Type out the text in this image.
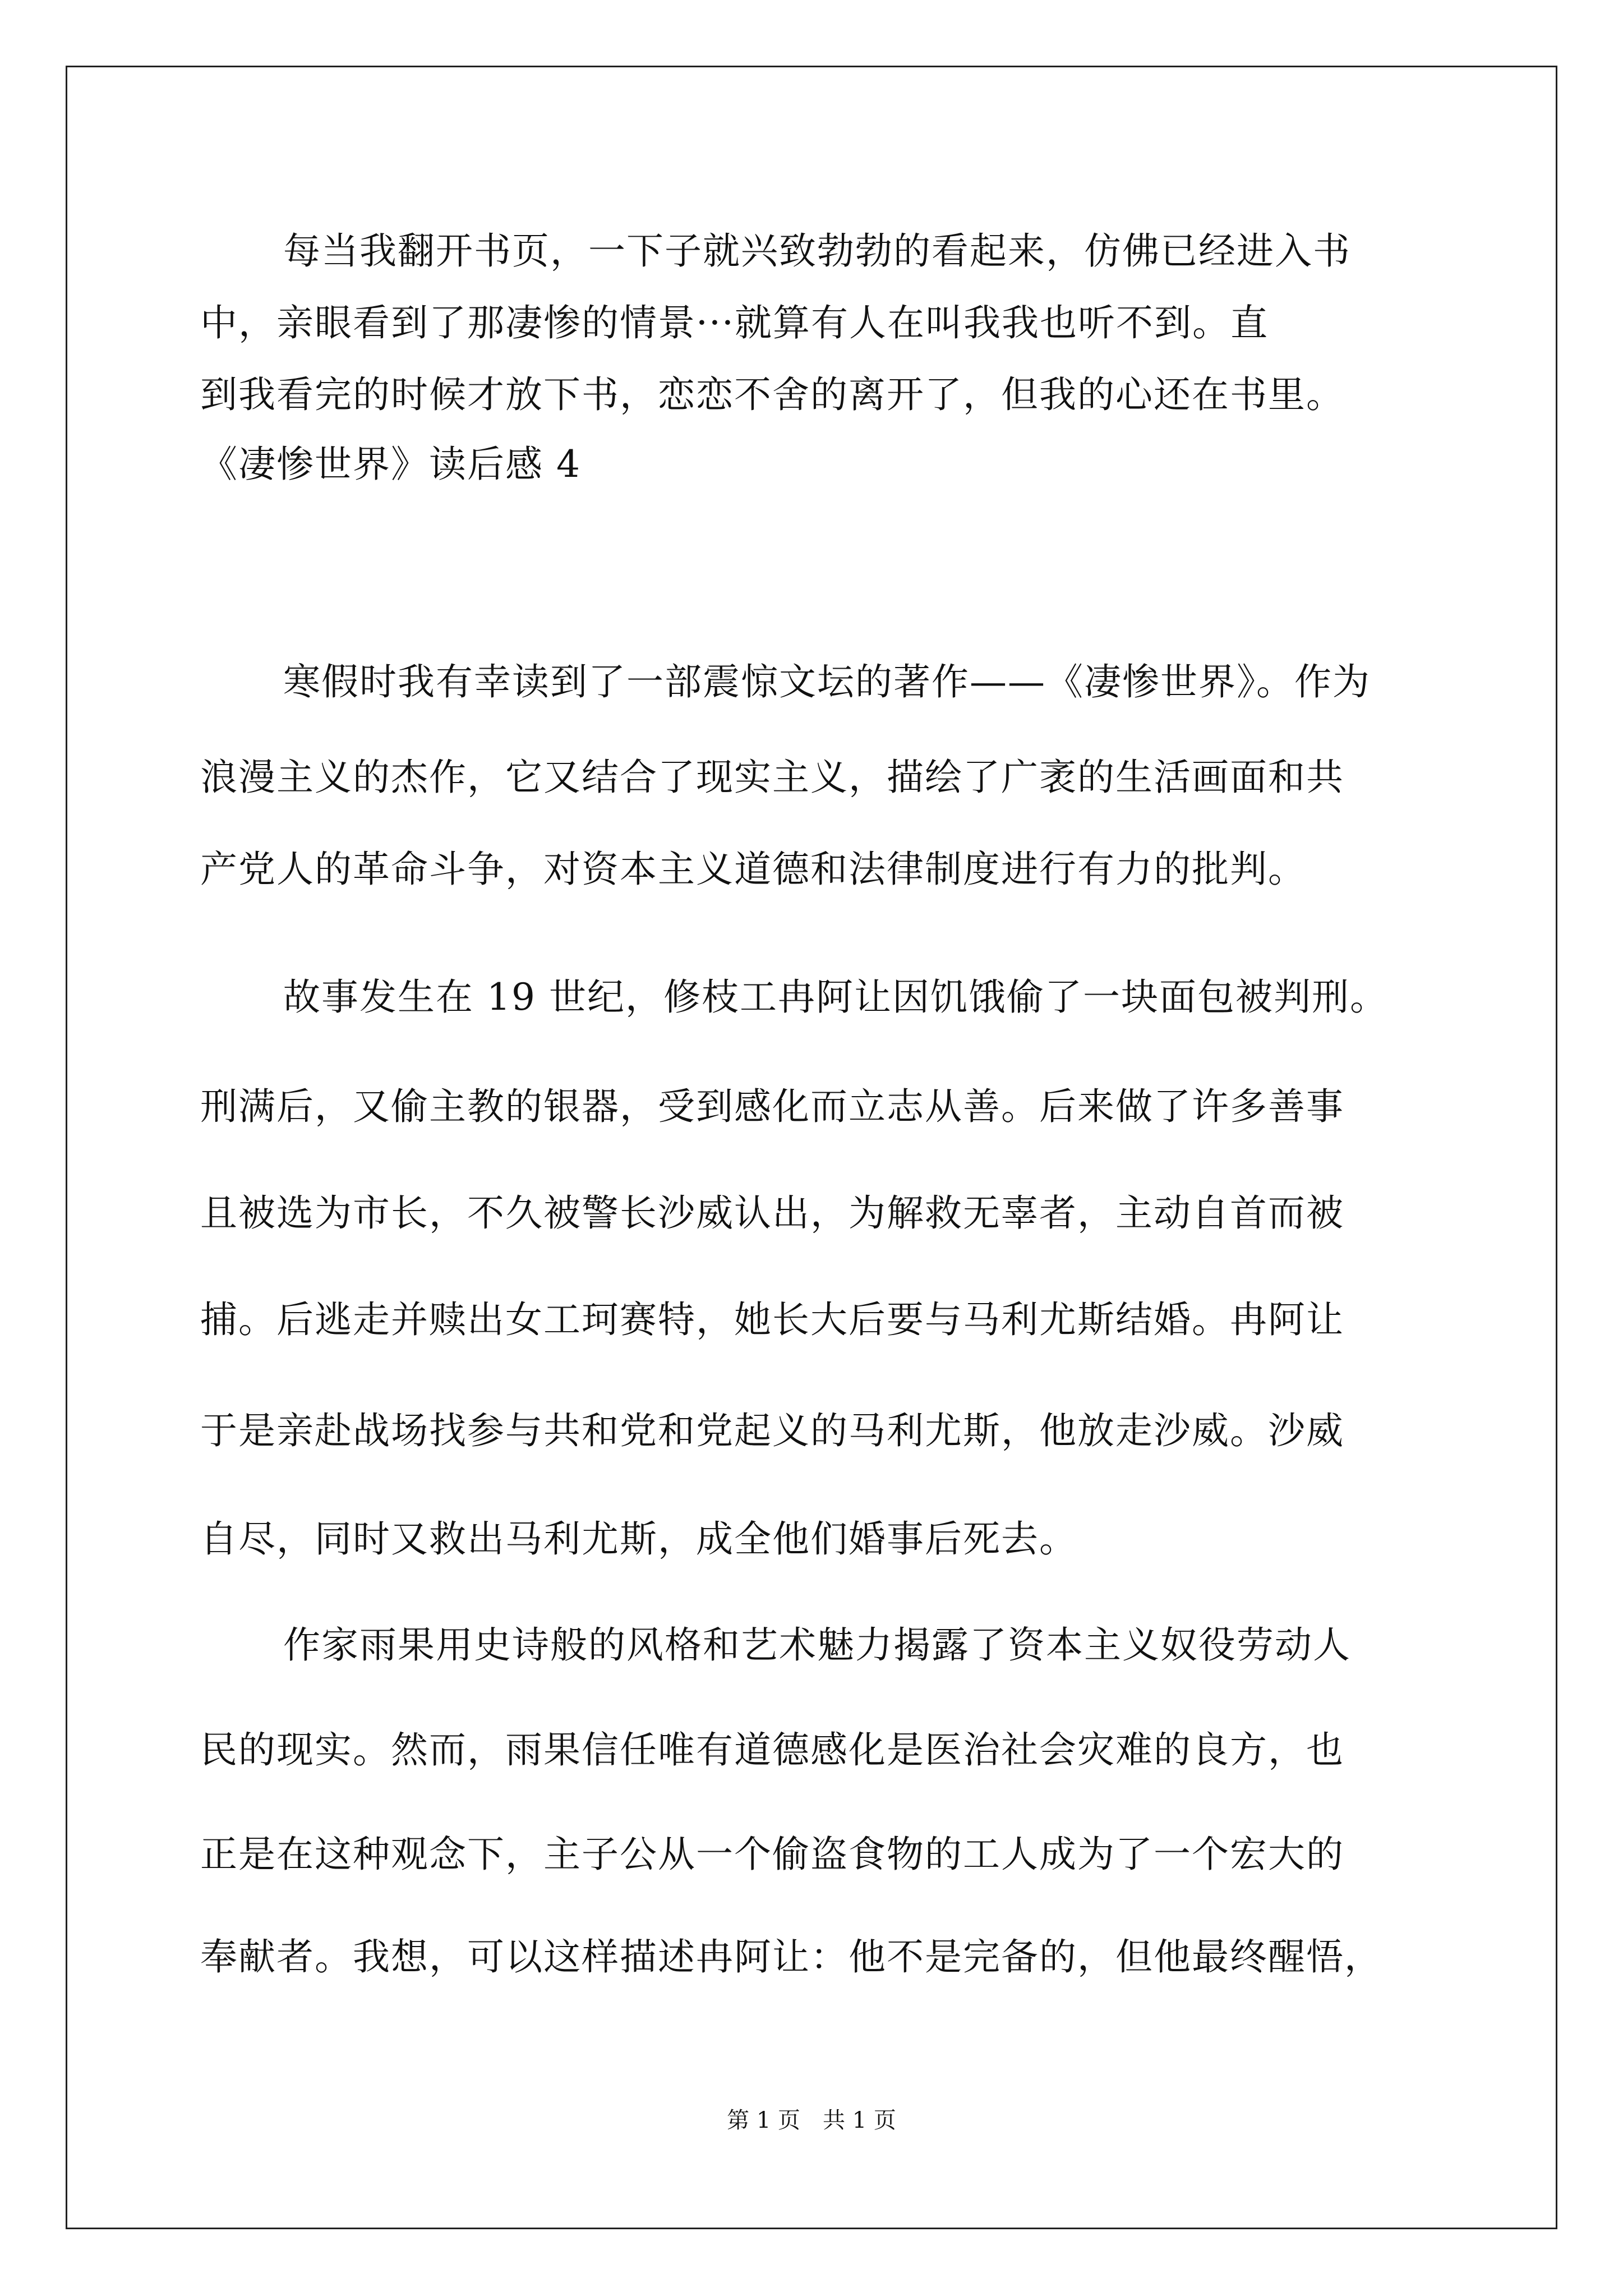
每当我翻开书页，一下子就兴致勃勃的看起来，仿佛已经进入书
中，亲眼看到了那凄惨的情景···就算有人在叫我我也听不到。直
到我看完的时候才放下书，恋恋不舍的离开了，但我的心还在书里。
《凄惨世界》读后感 4
寒假时我有幸读到了一部震惊文坛的著作——《凄惨世界》。作为
浪漫主义的杰作，它又结合了现实主义，描绘了广袤的生活画面和共
产党人的革命斗争，对资本主义道德和法律制度进行有力的批判。
故事发生在 19 世纪，修枝工冉阿让因饥饿偷了一块面包被判刑。
刑满后，又偷主教的银器，受到感化而立志从善。后来做了许多善事
且被选为市长，不久被警长沙威认出，为解救无辜者，主动自首而被
捕。后逃走并赎出女工珂赛特，她长大后要与马利尤斯结婚。冉阿让
于是亲赴战场找参与共和党和党起义的马利尤斯，他放走沙威。沙威
自尽，同时又救出马利尤斯，成全他们婚事后死去。
作家雨果用史诗般的风格和艺术魅力揭露了资本主义奴役劳动人
民的现实。然而，雨果信任唯有道德感化是医治社会灾难的良方，也
正是在这种观念下，主子公从一个偷盗食物的工人成为了一个宏大的
奉献者。我想，可以这样描述冉阿让：他不是完备的，但他最终醒悟，
第 1 页　共 1 页
